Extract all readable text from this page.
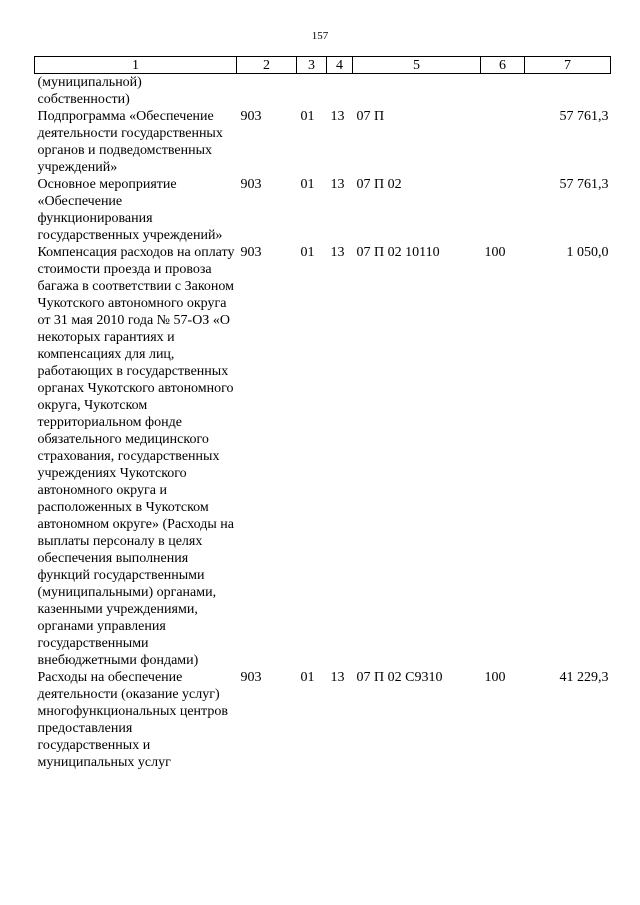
157
1	2	3	4	5	6	7
(муниципальной) собственности)						
Подпрограмма «Обеспечение деятельности государственных органов и подведомственных учреждений»	903	01	13	07 П		57 761,3
Основное мероприятие «Обеспечение функционирования государственных учреждений»	903	01	13	07 П 02		57 761,3
Компенсация расходов на оплату стоимости проезда и провоза багажа в соответствии с Законом Чукотского автономного округа от 31 мая 2010 года № 57-ОЗ «О некоторых гарантиях и компенсациях для лиц, работающих в государственных органах Чукотского автономного округа, Чукотском территориальном фонде обязательного медицинского страхования, государственных учреждениях Чукотского автономного округа и расположенных в Чукотском автономном округе» (Расходы на выплаты персоналу в целях обеспечения выполнения функций государственными (муниципальными) органами, казенными учреждениями, органами управления государственными внебюджетными фондами)	903	01	13	07 П 02 10110	100	1 050,0
Расходы на обеспечение деятельности (оказание услуг) многофункциональных центров предоставления государственных и муниципальных услуг	903	01	13	07 П 02 С9310	100	41 229,3
